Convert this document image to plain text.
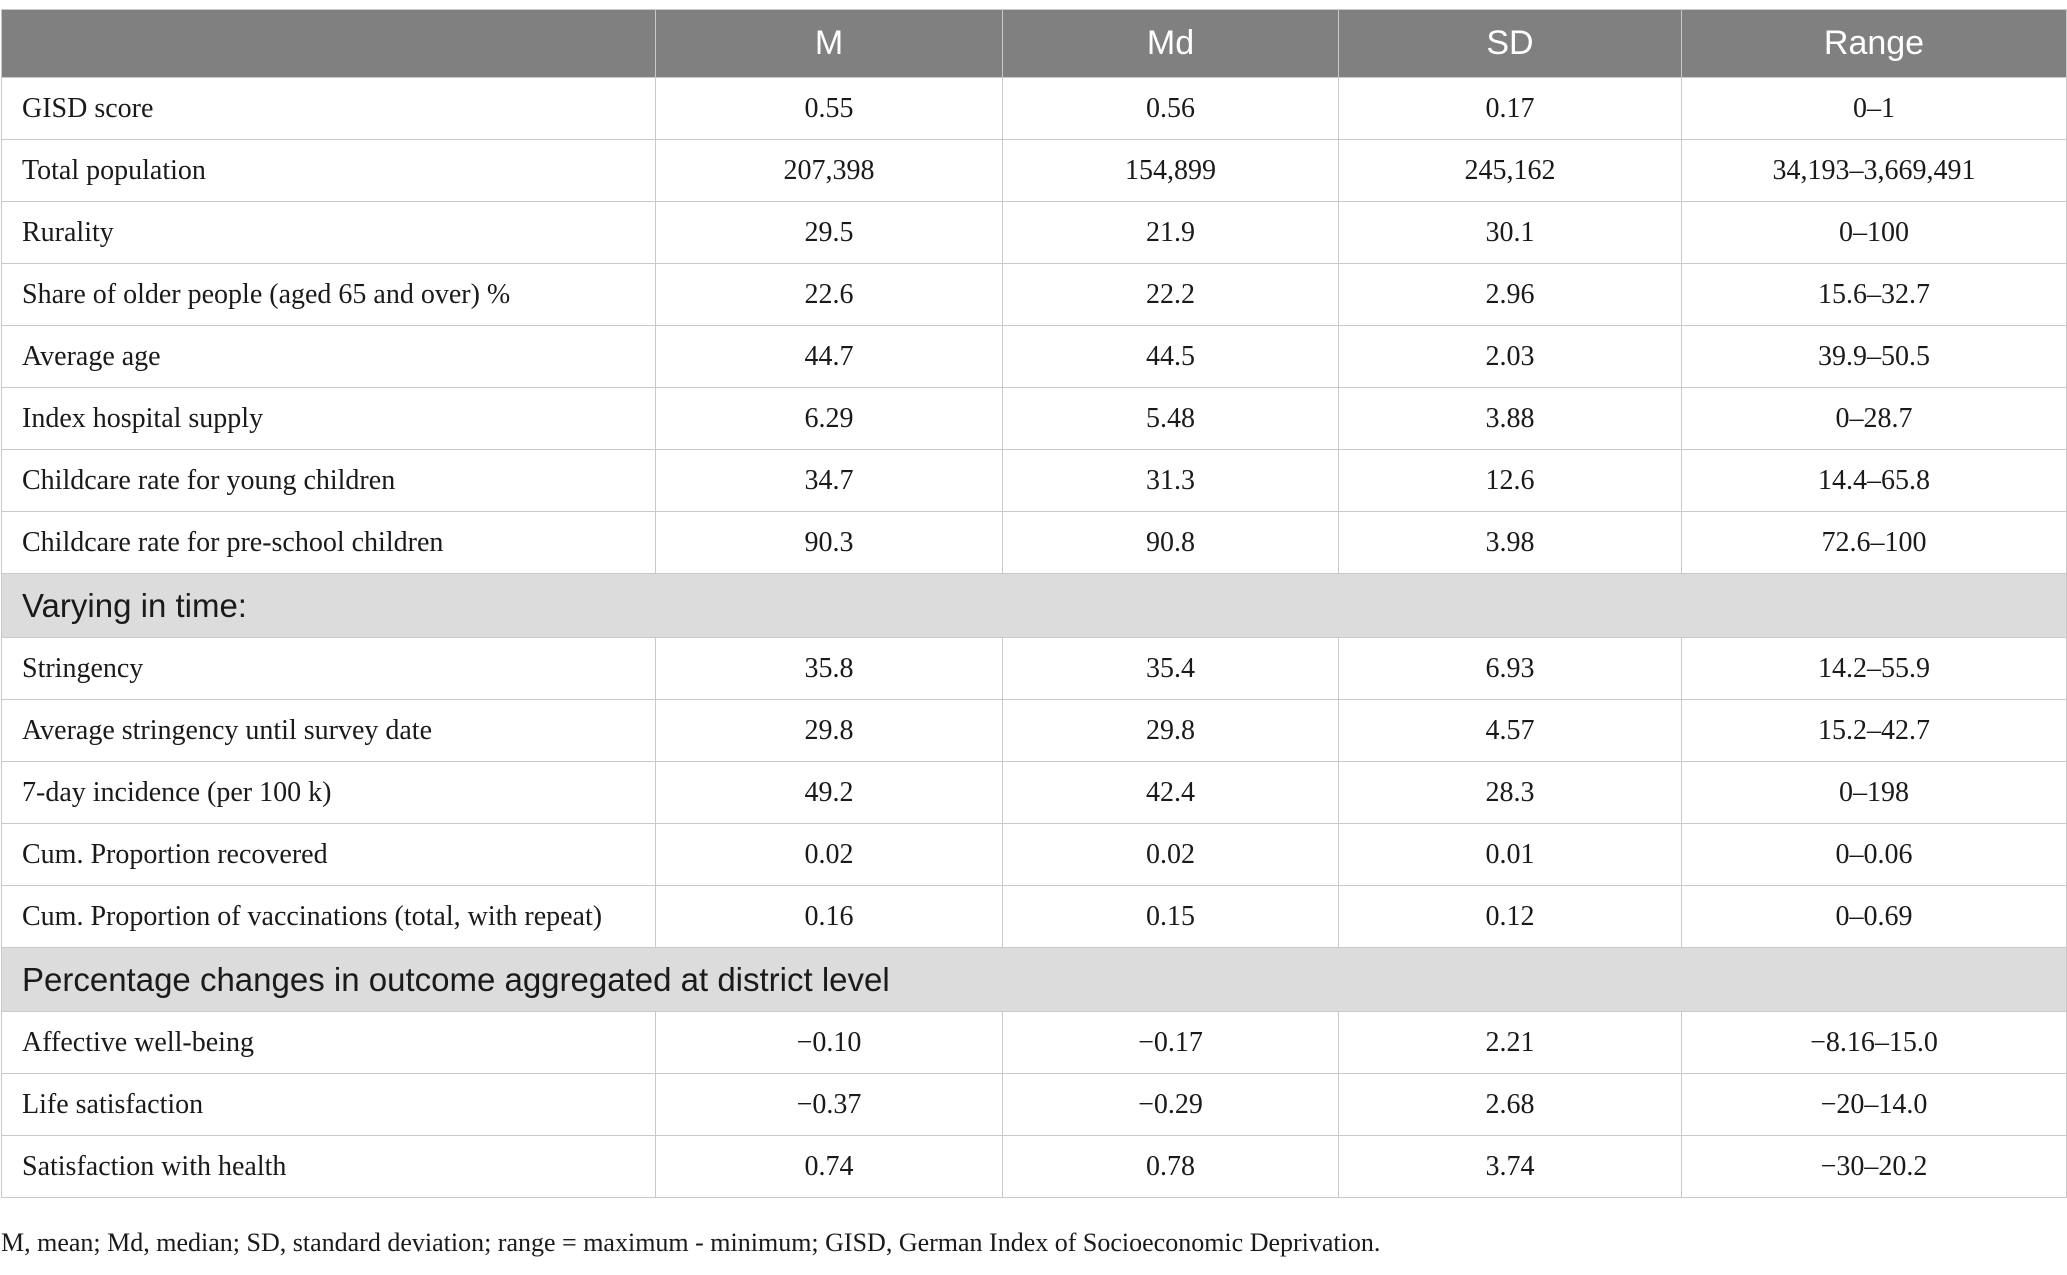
	M	Md	SD	Range
GISD score	0.55	0.56	0.17	0–1
Total population	207,398	154,899	245,162	34,193–3,669,491
Rurality	29.5	21.9	30.1	0–100
Share of older people (aged 65 and over) %	22.6	22.2	2.96	15.6–32.7
Average age	44.7	44.5	2.03	39.9–50.5
Index hospital supply	6.29	5.48	3.88	0–28.7
Childcare rate for young children	34.7	31.3	12.6	14.4–65.8
Childcare rate for pre-school children	90.3	90.8	3.98	72.6–100
Varying in time:				
Stringency	35.8	35.4	6.93	14.2–55.9
Average stringency until survey date	29.8	29.8	4.57	15.2–42.7
7-day incidence (per 100 k)	49.2	42.4	28.3	0–198
Cum. Proportion recovered	0.02	0.02	0.01	0–0.06
Cum. Proportion of vaccinations (total, with repeat)	0.16	0.15	0.12	0–0.69
Percentage changes in outcome aggregated at district level				
Affective well-being	−0.10	−0.17	2.21	−8.16–15.0
Life satisfaction	−0.37	−0.29	2.68	−20–14.0
Satisfaction with health	0.74	0.78	3.74	−30–20.2
M, mean; Md, median; SD, standard deviation; range = maximum - minimum; GISD, German Index of Socioeconomic Deprivation.
